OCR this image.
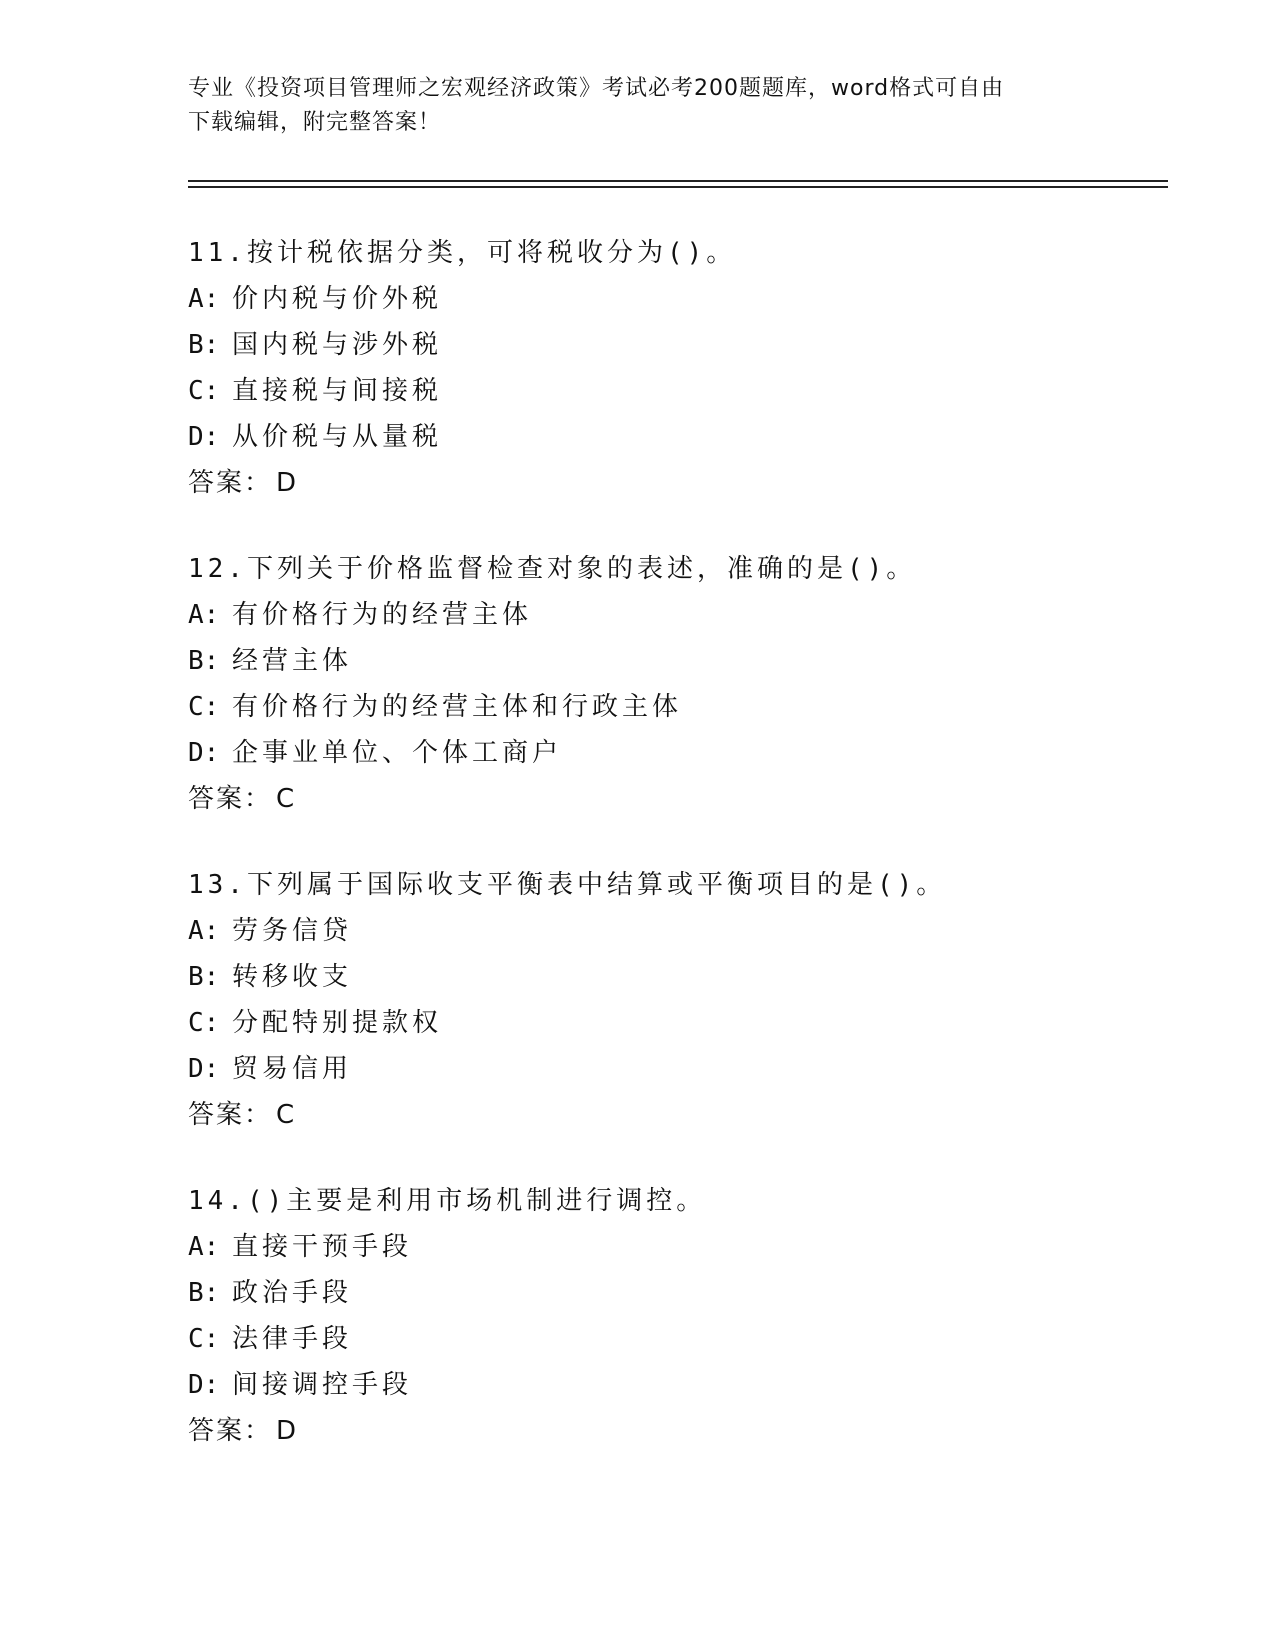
专业《投资项目管理师之宏观经济政策》考试必考200题题库，word格式可自由
下载编辑，附完整答案！
11.按计税依据分类，可将税收分为()。
A: 价内税与价外税
B: 国内税与涉外税
C: 直接税与间接税
D: 从价税与从量税
答案： D
12.下列关于价格监督检查对象的表述，准确的是()。
A: 有价格行为的经营主体
B: 经营主体
C: 有价格行为的经营主体和行政主体
D: 企事业单位、个体工商户
答案： C
13.下列属于国际收支平衡表中结算或平衡项目的是()。
A: 劳务信贷
B: 转移收支
C: 分配特别提款权
D: 贸易信用
答案： C
14.()主要是利用市场机制进行调控。
A: 直接干预手段
B: 政治手段
C: 法律手段
D: 间接调控手段
答案： D
